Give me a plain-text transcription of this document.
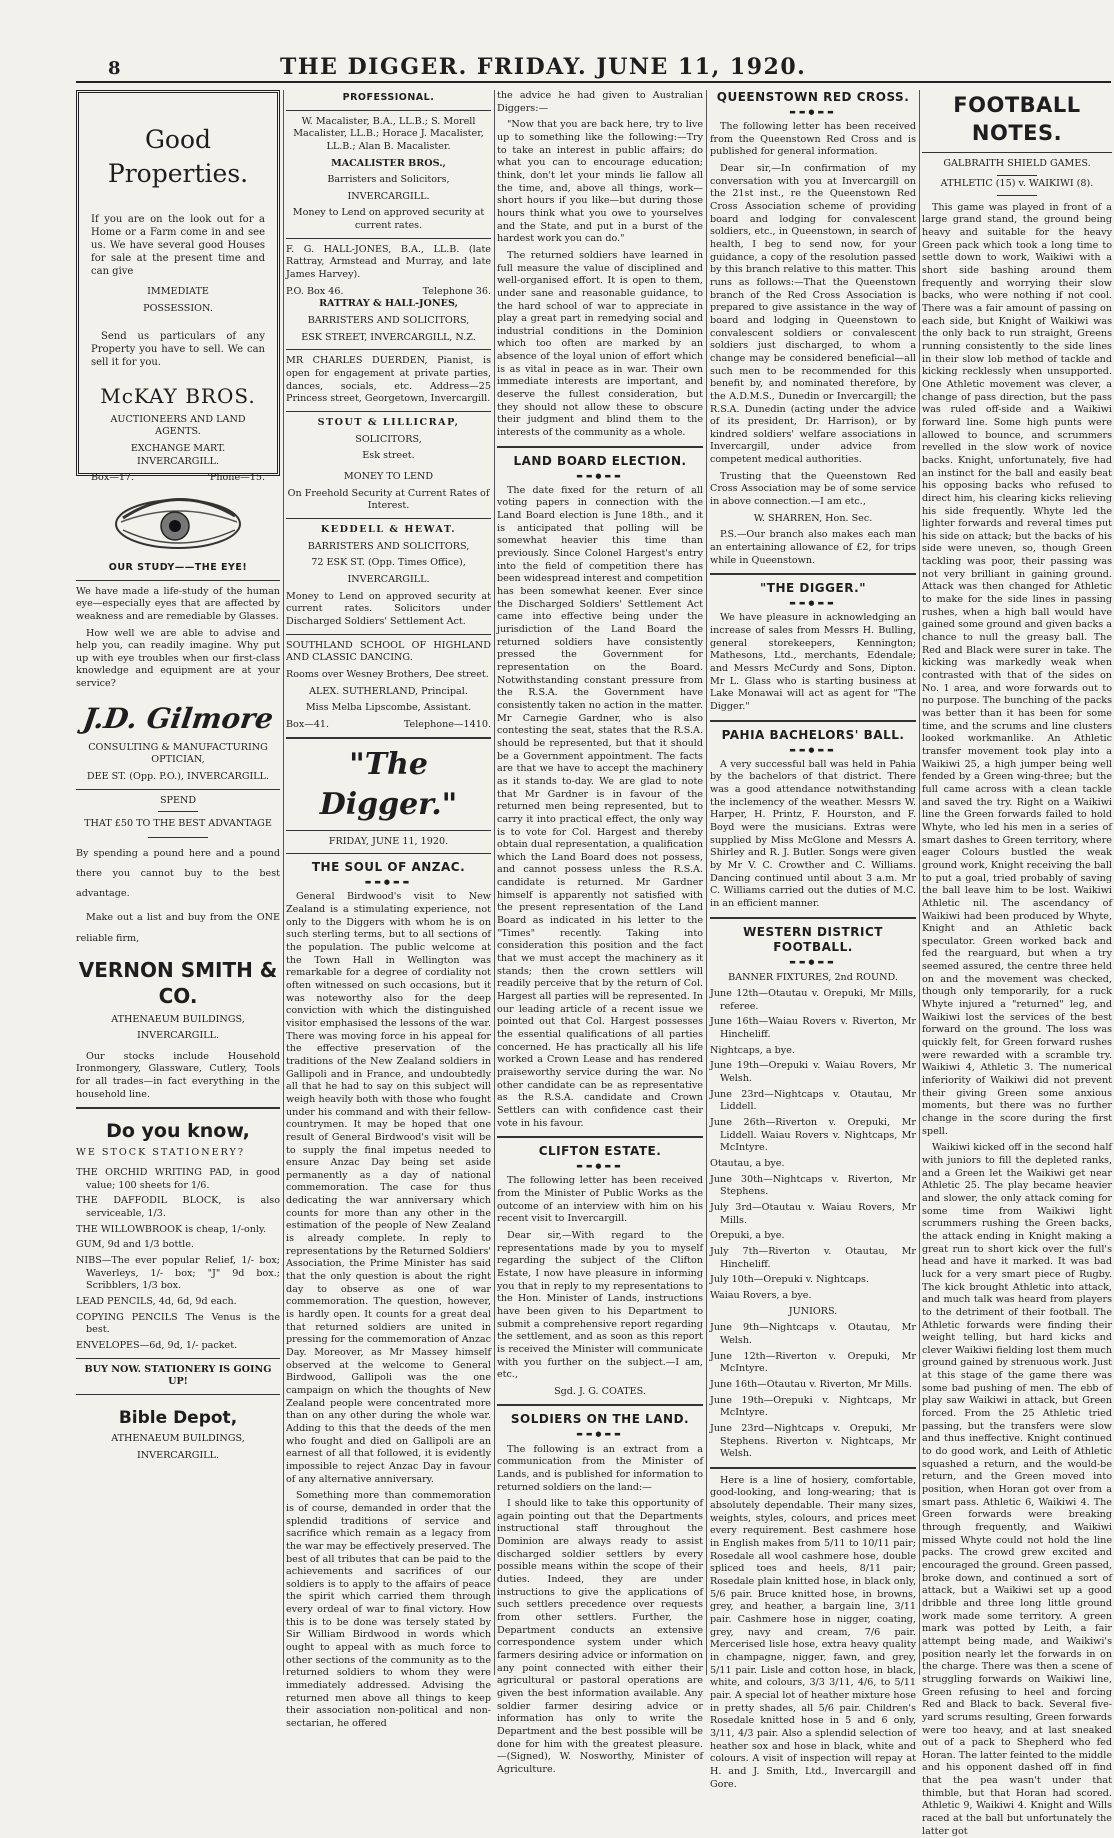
8	THE DIGGER. FRIDAY. JUNE 11, 1920.
Good Properties.

If you are on the look out for a Home or a Farm come in and see us. We have several good Houses for sale at the present time and can give

IMMEDIATE

POSSESSION.

Send us particulars of any Property you have to sell. We can sell it for you.

McKAY BROS.

AUCTIONEERS AND LAND AGENTS.

EXCHANGE MART. INVERCARGILL.

Box—17.	'Phone—15.
OUR STUDY——THE EYE!

We have made a life-study of the human eye—especially eyes that are affected by weakness and are remediable by Glasses.

How well we are able to advise and help you, can readily imagine. Why put up with eye troubles when our first-class knowledge and equipment are at your service?

J.D. Gilmore

CONSULTING & MANUFACTURING OPTICIAN,

DEE ST. (Opp. P.O.), INVERCARGILL.

SPEND

THAT £50 TO THE BEST ADVANTAGE

By spending a pound here and a pound there you cannot buy to the best advantage.

Make out a list and buy from the ONE reliable firm,

VERNON SMITH & CO.

ATHENAEUM BUILDINGS,

INVERCARGILL.

Our stocks include Household Ironmongery, Glassware, Cutlery, Tools for all trades—in fact everything in the household line.

Do you know,

WE STOCK STATIONERY?

THE ORCHID WRITING PAD, in good value; 100 sheets for 1/6.

THE DAFFODIL BLOCK, is also serviceable, 1/3.

THE WILLOWBROOK is cheap, 1/-only.

GUM, 9d and 1/3 bottle.

NIBS—The ever popular Relief, 1/- box; Waverleys, 1/- box; "J" 9d box.; Scribblers, 1/3 box.

LEAD PENCILS, 4d, 6d, 9d each.

COPYING PENCILS The Venus is the best.

ENVELOPES—6d, 9d, 1/- packet.

BUY NOW. STATIONERY IS GOING UP!

Bible Depot,

ATHENAEUM BUILDINGS,

INVERCARGILL.

PROFESSIONAL.

W. Macalister, B.A., LL.B.; S. Morell Macalister, LL.B.; Horace J. Macalister, LL.B.; Alan B. Macalister.

MACALISTER BROS.,

Barristers and Solicitors,

INVERCARGILL.

Money to Lend on approved security at current rates.

F. G. HALL-JONES, B.A., LL.B. (late Rattray, Armstead and Murray, and late James Harvey).

P.O. Box 46.	Telephone 36.

RATTRAY & HALL-JONES,

BARRISTERS AND SOLICITORS,

ESK STREET, INVERCARGILL, N.Z.

MR CHARLES DUERDEN, Pianist, is open for engagement at private parties, dances, socials, etc. Address—25 Princess street, Georgetown, Invercargill.

STOUT & LILLICRAP,

SOLICITORS,

Esk street.

MONEY TO LEND

On Freehold Security at Current Rates of Interest.

KEDDELL & HEWAT.

BARRISTERS AND SOLICITORS,

72 ESK ST. (Opp. Times Office),

INVERCARGILL.

Money to Lend on approved security at current rates. Solicitors under Discharged Soldiers' Settlement Act.

SOUTHLAND SCHOOL OF HIGHLAND AND CLASSIC DANCING.

Rooms over Wesney Brothers, Dee street.

ALEX. SUTHERLAND, Principal.

Miss Melba Lipscombe, Assistant.

Box—41.	Telephone—1410.
"The Digger."

FRIDAY, JUNE 11, 1920.

THE SOUL OF ANZAC.
▬▬●▬▬

General Birdwood's visit to New Zealand is a stimulating experience, not only to the Diggers with whom he is on such sterling terms, but to all sections of the population. The public welcome at the Town Hall in Wellington was remarkable for a degree of cordiality not often witnessed on such occasions, but it was noteworthy also for the deep conviction with which the distinguished visitor emphasised the lessons of the war. There was moving force in his appeal for the effective preservation of the traditions of the New Zealand soldiers in Gallipoli and in France, and undoubtedly all that he had to say on this subject will weigh heavily both with those who fought under his command and with their fellow-countrymen. It may be hoped that one result of General Birdwood's visit will be to supply the final impetus needed to ensure Anzac Day being set aside permanently as a day of national commemoration. The case for thus dedicating the war anniversary which counts for more than any other in the estimation of the people of New Zealand is already complete. In reply to representations by the Returned Soldiers' Association, the Prime Minister has said that the only question is about the right day to observe as one of war commemoration. The question, however, is hardly open. It counts for a great deal that returned soldiers are united in pressing for the commemoration of Anzac Day. Moreover, as Mr Massey himself observed at the welcome to General Birdwood, Gallipoli was the one campaign on which the thoughts of New Zealand people were concentrated more than on any other during the whole war. Adding to this that the deeds of the men who fought and died on Gallipoli are an earnest of all that followed, it is evidently impossible to reject Anzac Day in favour of any alternative anniversary.

Something more than commemoration is of course, demanded in order that the splendid traditions of service and sacrifice which remain as a legacy from the war may be effectively preserved. The best of all tributes that can be paid to the achievements and sacrifices of our soldiers is to apply to the affairs of peace the spirit which carried them through every ordeal of war to final victory. How this is to be done was tersely stated by Sir William Birdwood in words which ought to appeal with as much force to other sections of the community as to the returned soldiers to whom they were immediately addressed. Advising the returned men above all things to keep their association non-political and non-sectarian, he offered

the advice he had given to Australian Diggers:—

"Now that you are back here, try to live up to something like the following:—Try to take an interest in public affairs; do what you can to encourage education; think, don't let your minds lie fallow all the time, and, above all things, work—short hours if you like—but during those hours think what you owe to yourselves and the State, and put in a burst of the hardest work you can do."

The returned soldiers have learned in full measure the value of disciplined and well-organised effort. It is open to them, under sane and reasonable guidance, to the hard school of war to appreciate in play a great part in remedying social and industrial conditions in the Dominion which too often are marked by an absence of the loyal union of effort which is as vital in peace as in war. Their own immediate interests are important, and deserve the fullest consideration, but they should not allow these to obscure their judgment and blind them to the interests of the community as a whole.

LAND BOARD ELECTION.
▬▬●▬▬

The date fixed for the return of all voting papers in connection with the Land Board election is June 18th., and it is anticipated that polling will be somewhat heavier this time than previously. Since Colonel Hargest's entry into the field of competition there has been widespread interest and competition has been somewhat keener. Ever since the Discharged Soldiers' Settlement Act came into effective being under the jurisdiction of the Land Board the returned soldiers have consistently pressed the Government for representation on the Board. Notwithstanding constant pressure from the R.S.A. the Government have consistently taken no action in the matter. Mr Carnegie Gardner, who is also contesting the seat, states that the R.S.A. should be represented, but that it should be a Government appointment. The facts are that we have to accept the machinery as it stands to-day. We are glad to note that Mr Gardner is in favour of the returned men being represented, but to carry it into practical effect, the only way is to vote for Col. Hargest and thereby obtain dual representation, a qualification which the Land Board does not possess, and cannot possess unless the R.S.A. candidate is returned. Mr Gardner himself is apparently not satisfied with the present representation of the Land Board as indicated in his letter to the "Times" recently. Taking into consideration this position and the fact that we must accept the machinery as it stands; then the crown settlers will readily perceive that by the return of Col. Hargest all parties will be represented. In our leading article of a recent issue we pointed out that Col. Hargest possesses the essential qualifications of all parties concerned. He has practically all his life worked a Crown Lease and has rendered praiseworthy service during the war. No other candidate can be as representative as the R.S.A. candidate and Crown Settlers can with confidence cast their vote in his favour.

CLIFTON ESTATE.
▬▬●▬▬

The following letter has been received from the Minister of Public Works as the outcome of an interview with him on his recent visit to Invercargill.

Dear sir,—With regard to the representations made by you to myself regarding the subject of the Clifton Estate, I now have pleasure in informing you that in reply to my representations to the Hon. Minister of Lands, instructions have been given to his Department to submit a comprehensive report regarding the settlement, and as soon as this report is received the Minister will communicate with you further on the subject.—I am, etc.,

Sgd. J. G. COATES.

SOLDIERS ON THE LAND.
▬▬●▬▬

The following is an extract from a communication from the Minister of Lands, and is published for information to returned soldiers on the land:—

I should like to take this opportunity of again pointing out that the Departments instructional staff throughout the Dominion are always ready to assist discharged soldier settlers by every possible means within the scope of their duties. Indeed, they are under instructions to give the applications of such settlers precedence over requests from other settlers. Further, the Department conducts an extensive correspondence system under which farmers desiring advice or information on any point connected with either their agricultural or pastoral operations are given the best information available. Any soldier farmer desiring advice or information has only to write the Department and the best possible will be done for him with the greatest pleasure.—(Signed), W. Nosworthy, Minister of Agriculture.

QUEENSTOWN RED CROSS.
▬▬●▬▬

The following letter has been received from the Queenstown Red Cross and is published for general information.

Dear sir,—In confirmation of my conversation with you at Invercargill on the 21st inst., re the Queenstown Red Cross Association scheme of providing board and lodging for convalescent soldiers, etc., in Queenstown, in search of health, I beg to send now, for your guidance, a copy of the resolution passed by this branch relative to this matter. This runs as follows:—That the Queenstown branch of the Red Cross Association is prepared to give assistance in the way of board and lodging in Queenstown to convalescent soldiers or convalescent soldiers just discharged, to whom a change may be considered beneficial—all such men to be recommended for this benefit by, and nominated therefore, by the A.D.M.S., Dunedin or Invercargill; the R.S.A. Dunedin (acting under the advice of its president, Dr. Harrison), or by kindred soldiers' welfare associations in Invercargill, under advice from competent medical authorities.

Trusting that the Queenstown Red Cross Association may be of some service in above connection.—I am etc.,

W. SHARREN, Hon. Sec.

P.S.—Our branch also makes each man an entertaining allowance of £2, for trips while in Queenstown.

"THE DIGGER."
▬▬●▬▬

We have pleasure in acknowledging an increase of sales from Messrs H. Bulling, general storekeepers, Kennington; Mathesons, Ltd., merchants, Edendale; and Messrs McCurdy and Sons, Dipton. Mr L. Glass who is starting business at Lake Monawai will act as agent for "The Digger."

PAHIA BACHELORS' BALL.
▬▬●▬▬

A very successful ball was held in Pahia by the bachelors of that district. There was a good attendance notwithstanding the inclemency of the weather. Messrs W. Harper, H. Printz, F. Hourston, and F. Boyd were the musicians. Extras were supplied by Miss McGlone and Messrs A. Shirley and R. J. Butler. Songs were given by Mr V. C. Crowther and C. Williams. Dancing continued until about 3 a.m. Mr C. Williams carried out the duties of M.C. in an efficient manner.

WESTERN DISTRICT FOOTBALL.
▬▬●▬▬

BANNER FIXTURES, 2nd ROUND.

June 12th—Otautau v. Orepuki, Mr Mills, referee.

June 16th—Waiau Rovers v. Riverton, Mr Hincheliff.

Nightcaps, a bye.

June 19th—Orepuki v. Waiau Rovers, Mr Welsh.

June 23rd—Nightcaps v. Otautau, Mr Liddell.

June 26th—Riverton v. Orepuki, Mr Liddell. Waiau Rovers v. Nightcaps, Mr McIntyre.

Otautau, a bye.

June 30th—Nightcaps v. Riverton, Mr Stephens.

July 3rd—Otautau v. Waiau Rovers, Mr Mills.

Orepuki, a bye.

July 7th—Riverton v. Otautau, Mr Hincheliff.

July 10th—Orepuki v. Nightcaps.

Waiau Rovers, a bye.

JUNIORS.

June 9th—Nightcaps v. Otautau, Mr Welsh.

June 12th—Riverton v. Orepuki, Mr McIntyre.

June 16th—Otautau v. Riverton, Mr Mills.

June 19th—Orepuki v. Nightcaps, Mr McIntyre.

June 23rd—Nightcaps v. Orepuki, Mr Stephens. Riverton v. Nightcaps, Mr Welsh.

Here is a line of hosiery, comfortable, good-looking, and long-wearing; that is absolutely dependable. Their many sizes, weights, styles, colours, and prices meet every requirement. Best cashmere hose in English makes from 5/11 to 10/11 pair; Rosedale all wool cashmere hose, double spliced toes and heels, 8/11 pair; Rosedale plain knitted hose, in black only, 5/6 pair. Bruce knitted hose, in browns, grey, and heather, a bargain line, 3/11 pair. Cashmere hose in nigger, coating, grey, navy and cream, 7/6 pair. Mercerised lisle hose, extra heavy quality in champagne, nigger, fawn, and grey, 5/11 pair. Lisle and cotton hose, in black, white, and colours, 3/3 3/11, 4/6, to 5/11 pair. A special lot of heather mixture hose in pretty shades, all 5/6 pair. Children's Rosedale knitted hose in 5 and 6 only, 3/11, 4/3 pair. Also a splendid selection of heather sox and hose in black, white and colours. A visit of inspection will repay at H. and J. Smith, Ltd., Invercargill and Gore.

FOOTBALL NOTES.

GALBRAITH SHIELD GAMES.

ATHLETIC (15) v. WAIKIWI (8).

This game was played in front of a large grand stand, the ground being heavy and suitable for the heavy Green pack which took a long time to settle down to work, Waikiwi with a short side bashing around them frequently and worrying their slow backs, who were nothing if not cool. There was a fair amount of passing on each side, but Knight of Waikiwi was the only back to run straight, Greens running consistently to the side lines in their slow lob method of tackle and kicking recklessly when unsupported. One Athletic movement was clever, a change of pass direction, but the pass was ruled off-side and a Waikiwi forward line. Some high punts were allowed to bounce, and scrummers revelled in the slow work of novice backs. Knight, unfortunately, five had an instinct for the ball and easily beat his opposing backs who refused to direct him, his clearing kicks relieving his side frequently. Whyte led the lighter forwards and reveral times put his side on attack; but the backs of his side were uneven, so, though Green tackling was poor, their passing was not very brilliant in gaining ground. Attack was then changed for Athletic to make for the side lines in passing rushes, when a high ball would have gained some ground and given backs a chance to null the greasy ball. The Red and Black were surer in take. The kicking was markedly weak when contrasted with that of the sides on No. 1 area, and wore forwards out to no purpose. The bunching of the packs was better than it has been for some time, and the scrums and line clusters looked workmanlike. An Athletic transfer movement took play into a Waikiwi 25, a high jumper being well fended by a Green wing-three; but the full came across with a clean tackle and saved the try. Right on a Waikiwi line the Green forwards failed to hold Whyte, who led his men in a series of smart dashes to Green territory, where eager Colours bustled the weak ground work, Knight receiving the ball to put a goal, tried probably of saving the ball leave him to be lost. Waikiwi Athletic nil. The ascendancy of Waikiwi had been produced by Whyte, Knight and an Athletic back speculator. Green worked back and fed the rearguard, but when a try seemed assured, the centre three held on and the movement was checked, though only temporarily, for a ruck Whyte injured a "returned" leg, and Waikiwi lost the services of the best forward on the ground. The loss was quickly felt, for Green forward rushes were rewarded with a scramble try. Waikiwi 4, Athletic 3. The numerical inferiority of Waikiwi did not prevent their giving Green some anxious moments, but there was no further change in the score during the first spell.

Waikiwi kicked off in the second half with juniors to fill the depleted ranks, and a Green let the Waikiwi get near Athletic 25. The play became heavier and slower, the only attack coming for some time from Waikiwi light scrummers rushing the Green backs, the attack ending in Knight making a great run to short kick over the full's head and have it marked. It was bad luck for a very smart piece of Rugby. The kick brought Athletic into attack, and much talk was heard from players to the detriment of their football. The Athletic forwards were finding their weight telling, but hard kicks and clever Waikiwi fielding lost them much ground gained by strenuous work. Just at this stage of the game there was some bad pushing of men. The ebb of play saw Waikiwi in attack, but Green forced. From the 25 Athletic tried passing, but the transfers were slow and thus ineffective. Knight continued to do good work, and Leith of Athletic squashed a return, and the would-be return, and the Green moved into position, when Horan got over from a smart pass. Athletic 6, Waikiwi 4. The Green forwards were breaking through frequently, and Waikiwi missed Whyte could not hold the line packs. The crowd grew excited and encouraged the ground. Green passed, broke down, and continued a sort of attack, but a Waikiwi set up a good dribble and three long little ground work made some territory. A green mark was potted by Leith, a fair attempt being made, and Waikiwi's position nearly let the forwards in on the charge. There was then a scene of struggling forwards on Waikiwi line, Green refusing to heel and forcing Red and Black to back. Several five-yard scrums resulting, Green forwards were too heavy, and at last sneaked out of a pack to Shepherd who fed Horan. The latter feinted to the middle and his opponent dashed off in find that the pea wasn't under that thimble, but that Horan had scored. Athletic 9, Waikiwi 4. Knight and Wills raced at the ball but unfortunately the latter got
